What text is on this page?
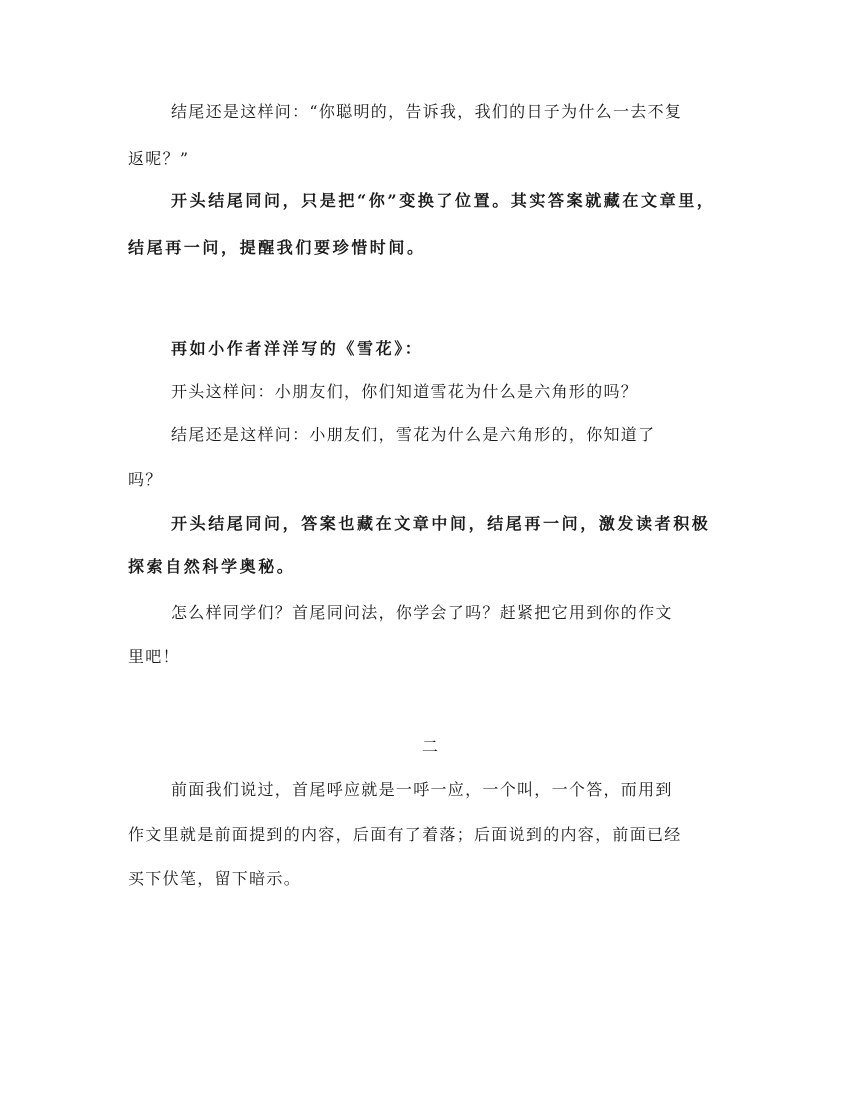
结尾还是这样问：“你聪明的，告诉我，我们的日子为什么一去不复
返呢？”
开头结尾同问，只是把“你”变换了位置。其实答案就藏在文章里，
结尾再一问，提醒我们要珍惜时间。
再如小作者洋洋写的《雪花》：
开头这样问：小朋友们，你们知道雪花为什么是六角形的吗？
结尾还是这样问：小朋友们，雪花为什么是六角形的，你知道了
吗？
开头结尾同问，答案也藏在文章中间，结尾再一问，激发读者积极
探索自然科学奥秘。
怎么样同学们？首尾同问法，你学会了吗？赶紧把它用到你的作文
里吧！
二
前面我们说过，首尾呼应就是一呼一应，一个叫，一个答，而用到
作文里就是前面提到的内容，后面有了着落；后面说到的内容，前面已经
买下伏笔，留下暗示。
